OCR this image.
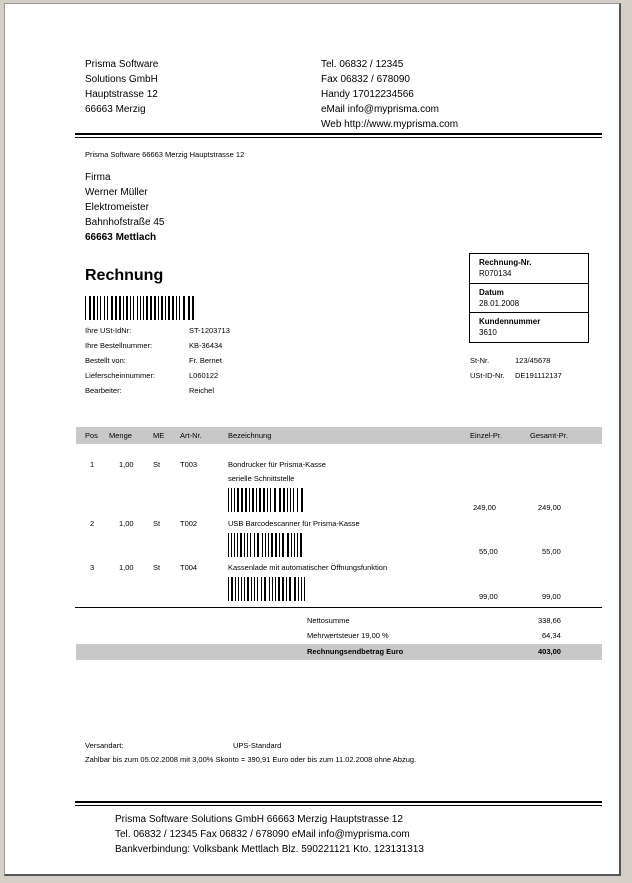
Prisma Software
Solutions GmbH
Hauptstrasse 12
66663 Merzig
Tel. 06832 / 12345
Fax 06832 / 678090
Handy 17012234566
eMail info@myprisma.com
Web http://www.myprisma.com
Prisma Software 66663 Merzig Hauptstrasse 12
Firma
Werner Müller
Elektromeister
Bahnhofstraße 45
66663 Mettlach
Rechnung
Rechnung-Nr.
R070134
Datum
28.01.2008
Kundennummer
3610
Ihre USt-IdNr:	ST-1203713
Ihre Bestellnummer:	KB-36434
Bestellt von:	Fr. Bernet
Lieferscheinnummer:	L060122
Bearbeiter:	Reichel
St-Nr.	123/45678
USt-ID-Nr. DE191112137
Pos Menge	ME Art-Nr.	Bezeichnung	Einzel-Pr.	Gesamt-Pr.
1	1,00	St	T003	Bondrucker für Prisma-Kasse
serielle Schnittstelle
249,00	249,00
2	1,00	St	T002	USB Barcodescanner für Prisma-Kasse
55,00	55,00
3	1,00	St	T004	Kassenlade mit automatischer Öffnungsfunktion
99,00	99,00
Nettosumme	338,66
Mehrwertsteuer 19,00 %	64,34
Rechnungsendbetrag Euro	403,00
Versandart:	UPS-Standard
Zahlbar bis zum 05.02.2008 mit 3,00% Skonto = 390,91 Euro oder bis zum 11.02.2008 ohne Abzug.
Prisma Software Solutions GmbH 66663 Merzig Hauptstrasse 12
Tel. 06832 / 12345 Fax 06832 / 678090 eMail info@myprisma.com
Bankverbindung: Volksbank Mettlach Blz. 590221121 Kto. 123131313
